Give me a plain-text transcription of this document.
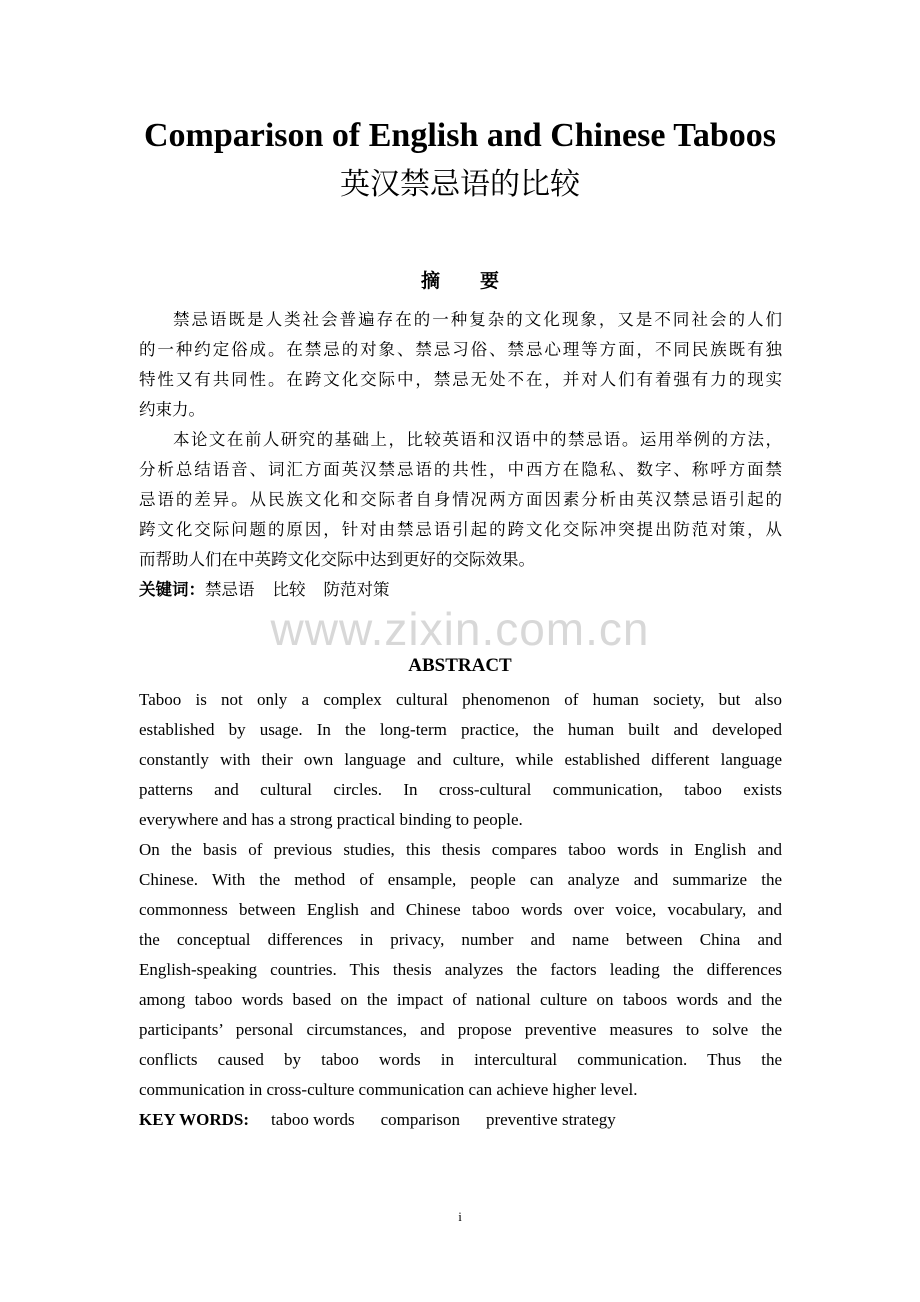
Comparison of English and Chinese Taboos
英汉禁忌语的比较
摘要
禁忌语既是人类社会普遍存在的一种复杂的文化现象，又是不同社会的人们
的一种约定俗成。在禁忌的对象、禁忌习俗、禁忌心理等方面，不同民族既有独
特性又有共同性。在跨文化交际中，禁忌无处不在，并对人们有着强有力的现实
约束力。
本论文在前人研究的基础上，比较英语和汉语中的禁忌语。运用举例的方法，
分析总结语音、词汇方面英汉禁忌语的共性，中西方在隐私、数字、称呼方面禁
忌语的差异。从民族文化和交际者自身情况两方面因素分析由英汉禁忌语引起的
跨文化交际问题的原因，针对由禁忌语引起的跨文化交际冲突提出防范对策，从
而帮助人们在中英跨文化交际中达到更好的交际效果。
关键词：禁忌语 比较 防范对策
www.zixin.com.cn
ABSTRACT
Taboo is not only a complex cultural phenomenon of human society, but also
established by usage. In the long-term practice, the human built and developed
constantly with their own language and culture, while established different language
patterns and cultural circles. In cross-cultural communication, taboo exists
everywhere and has a strong practical binding to people.
On the basis of previous studies, this thesis compares taboo words in English and
Chinese. With the method of ensample, people can analyze and summarize the
commonness between English and Chinese taboo words over voice, vocabulary, and
the conceptual differences in privacy, number and name between China and
English-speaking countries. This thesis analyzes the factors leading the differences
among taboo words based on the impact of national culture on taboos words and the
participants’ personal circumstances, and propose preventive measures to solve the
conflicts caused by taboo words in intercultural communication. Thus the
communication in cross-culture communication can achieve higher level.
KEY WORDS: taboo words comparison preventive strategy
i
